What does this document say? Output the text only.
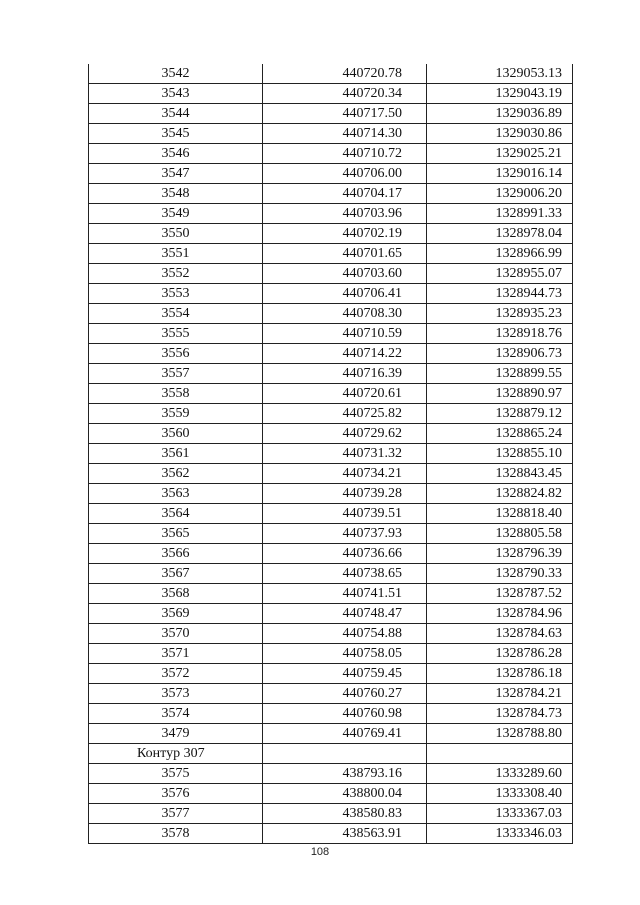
3542	440720.78	1329053.13
3543	440720.34	1329043.19
3544	440717.50	1329036.89
3545	440714.30	1329030.86
3546	440710.72	1329025.21
3547	440706.00	1329016.14
3548	440704.17	1329006.20
3549	440703.96	1328991.33
3550	440702.19	1328978.04
3551	440701.65	1328966.99
3552	440703.60	1328955.07
3553	440706.41	1328944.73
3554	440708.30	1328935.23
3555	440710.59	1328918.76
3556	440714.22	1328906.73
3557	440716.39	1328899.55
3558	440720.61	1328890.97
3559	440725.82	1328879.12
3560	440729.62	1328865.24
3561	440731.32	1328855.10
3562	440734.21	1328843.45
3563	440739.28	1328824.82
3564	440739.51	1328818.40
3565	440737.93	1328805.58
3566	440736.66	1328796.39
3567	440738.65	1328790.33
3568	440741.51	1328787.52
3569	440748.47	1328784.96
3570	440754.88	1328784.63
3571	440758.05	1328786.28
3572	440759.45	1328786.18
3573	440760.27	1328784.21
3574	440760.98	1328784.73
3479	440769.41	1328788.80
Контур 307		
3575	438793.16	1333289.60
3576	438800.04	1333308.40
3577	438580.83	1333367.03
3578	438563.91	1333346.03
108
